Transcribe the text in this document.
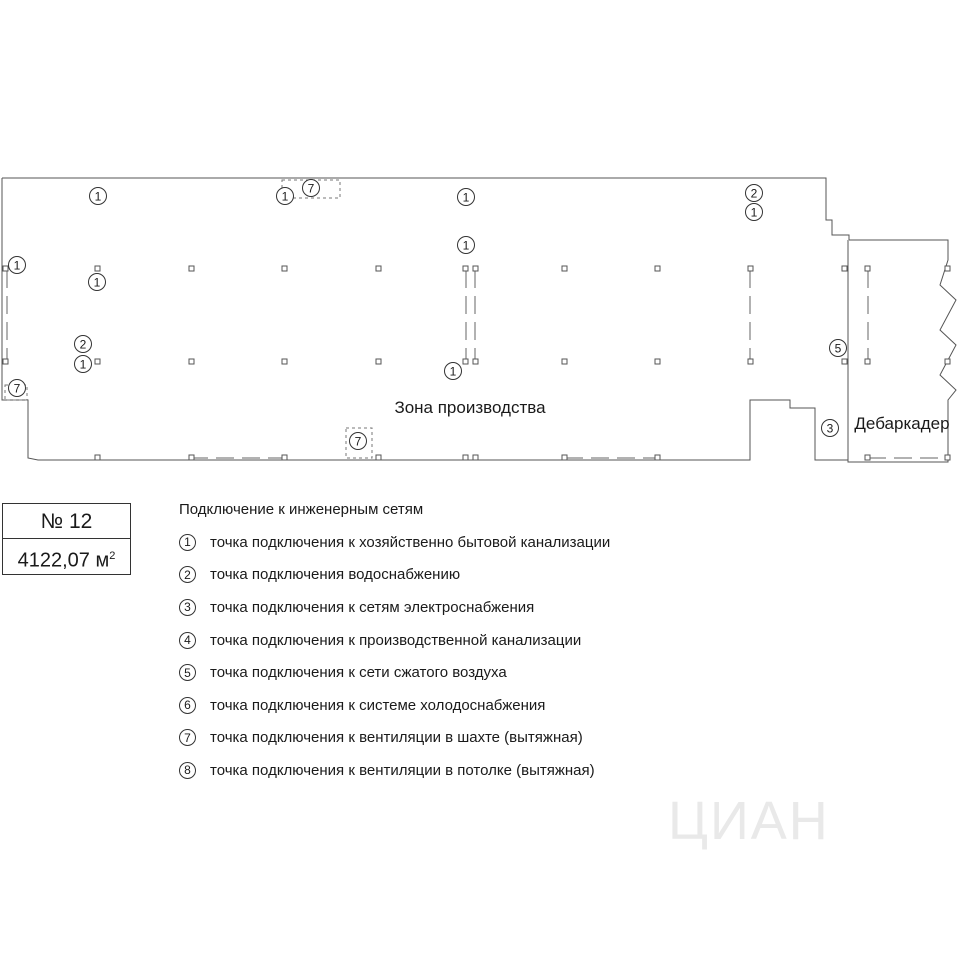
1	1	1
1
1
1
1	1
1
2
2
3
5
7
7
7
Зона производства
Дебаркадер
№ 12
4122,07 $м^2$
Подключение к инженерным сетям
1	точка подключения к хозяйственно бытовой канализации
2	точка подключения водоснабжению
3	точка подключения к сетям электроснабжения
4	точка подключения к производственной канализации
5	точка подключения к сети сжатого воздуха
6	точка подключения к системе холодоснабжения
7	точка подключения к вентиляции в шахте (вытяжная)
8	точка подключения к вентиляции в потолке (вытяжная)
ЦИАН
